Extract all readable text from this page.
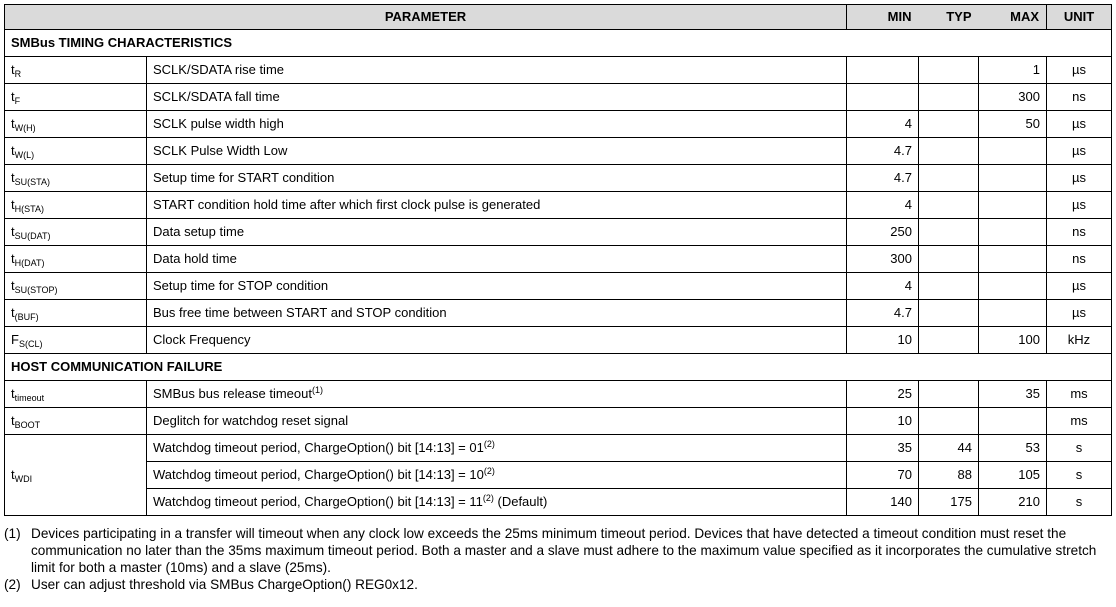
PARAMETER		MIN	TYP	MAX	UNIT
SMBus TIMING CHARACTERISTICS					
$t_R$	SCLK/SDATA rise time			1	µs
$t_F$	SCLK/SDATA fall time			300	ns
$t_{W(H)}$	SCLK pulse width high	4		50	µs
$t_{W(L)}$	SCLK Pulse Width Low	4.7			µs
$t_{SU(STA)}$	Setup time for START condition	4.7			µs
$t_{H(STA)}$	START condition hold time after which first clock pulse is generated	4			µs
$t_{SU(DAT)}$	Data setup time	250			ns
$t_{H(DAT)}$	Data hold time	300			ns
$t_{SU(STOP)}$	Setup time for STOP condition	4			µs
$t_{(BUF)}$	Bus free time between START and STOP condition	4.7			µs
$F_{S(CL)}$	Clock Frequency	10		100	kHz
HOST COMMUNICATION FAILURE					
$t_{timeout}$	SMBus bus release timeout$^{(1)}$	25		35	ms
$t_{BOOT}$	Deglitch for watchdog reset signal	10			ms
$t_{WDI}$	Watchdog timeout period, ChargeOption() bit [14:13] = $01^{(2)}$	35	44	53	s
	Watchdog timeout period, ChargeOption() bit [14:13] = $10^{(2)}$	70	88	105	s
	Watchdog timeout period, ChargeOption() bit [14:13] = $11^{(2)}$ (Default)	140	175	210	s
(1) Devices participating in a transfer will timeout when any clock low exceeds the 25ms minimum timeout period. Devices that have detected a timeout condition must reset the communication no later than the 35ms maximum timeout period. Both a master and a slave must adhere to the maximum value specified as it incorporates the cumulative stretch limit for both a master (10ms) and a slave (25ms).
(2) User can adjust threshold via SMBus ChargeOption() REG0x12.
